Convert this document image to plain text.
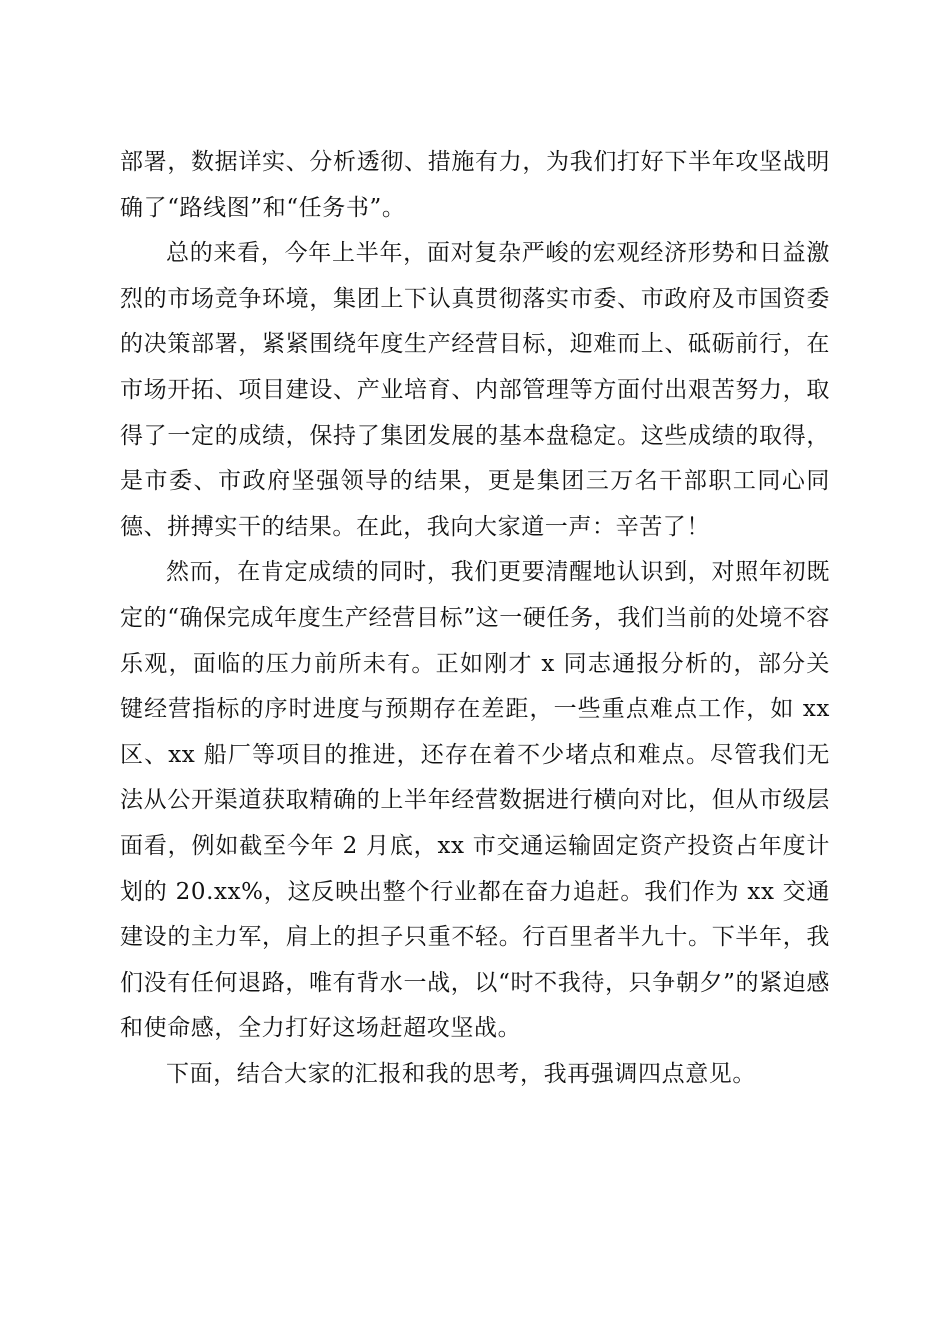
部署，数据详实、分析透彻、措施有力，为我们打好下半年攻坚战明确了“路线图”和“任务书”。

总的来看，今年上半年，面对复杂严峻的宏观经济形势和日益激烈的市场竞争环境，集团上下认真贯彻落实市委、市政府及市国资委的决策部署，紧紧围绕年度生产经营目标，迎难而上、砥砺前行，在市场开拓、项目建设、产业培育、内部管理等方面付出艰苦努力，取得了一定的成绩，保持了集团发展的基本盘稳定。这些成绩的取得，是市委、市政府坚强领导的结果，更是集团三万名干部职工同心同德、拼搏实干的结果。在此，我向大家道一声：辛苦了！

然而，在肯定成绩的同时，我们更要清醒地认识到，对照年初既定的“确保完成年度生产经营目标”这一硬任务，我们当前的处境不容乐观，面临的压力前所未有。正如刚才 x 同志通报分析的，部分关键经营指标的序时进度与预期存在差距，一些重点难点工作，如 xx 区、xx 船厂等项目的推进，还存在着不少堵点和难点。尽管我们无法从公开渠道获取精确的上半年经营数据进行横向对比，但从市级层面看，例如截至今年 2 月底，xx 市交通运输固定资产投资占年度计划的 20.xx%，这反映出整个行业都在奋力追赶。我们作为 xx 交通建设的主力军，肩上的担子只重不轻。行百里者半九十。下半年，我们没有任何退路，唯有背水一战，以“时不我待，只争朝夕”的紧迫感和使命感，全力打好这场赶超攻坚战。

下面，结合大家的汇报和我的思考，我再强调四点意见。
